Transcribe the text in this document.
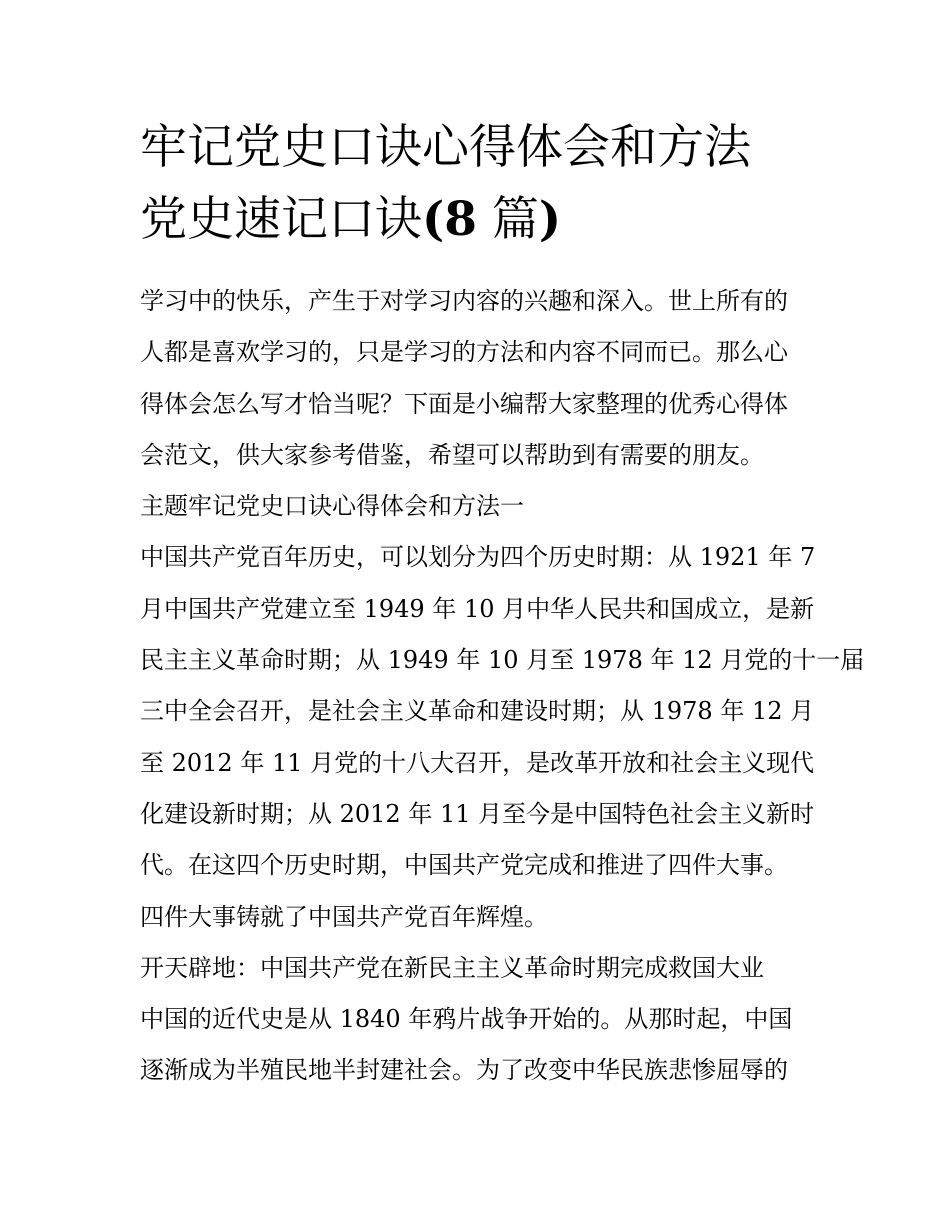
牢记党史口诀心得体会和方法
党史速记口诀(8 篇)
学习中的快乐，产生于对学习内容的兴趣和深入。世上所有的
人都是喜欢学习的，只是学习的方法和内容不同而已。那么心
得体会怎么写才恰当呢？下面是小编帮大家整理的优秀心得体
会范文，供大家参考借鉴，希望可以帮助到有需要的朋友。
主题牢记党史口诀心得体会和方法一
中国共产党百年历史，可以划分为四个历史时期：从 1921 年 7
月中国共产党建立至 1949 年 10 月中华人民共和国成立，是新
民主主义革命时期；从 1949 年 10 月至 1978 年 12 月党的十一届
三中全会召开，是社会主义革命和建设时期；从 1978 年 12 月
至 2012 年 11 月党的十八大召开，是改革开放和社会主义现代
化建设新时期；从 2012 年 11 月至今是中国特色社会主义新时
代。在这四个历史时期，中国共产党完成和推进了四件大事。
四件大事铸就了中国共产党百年辉煌。
开天辟地：中国共产党在新民主主义革命时期完成救国大业
中国的近代史是从 1840 年鸦片战争开始的。从那时起，中国
逐渐成为半殖民地半封建社会。为了改变中华民族悲惨屈辱的
